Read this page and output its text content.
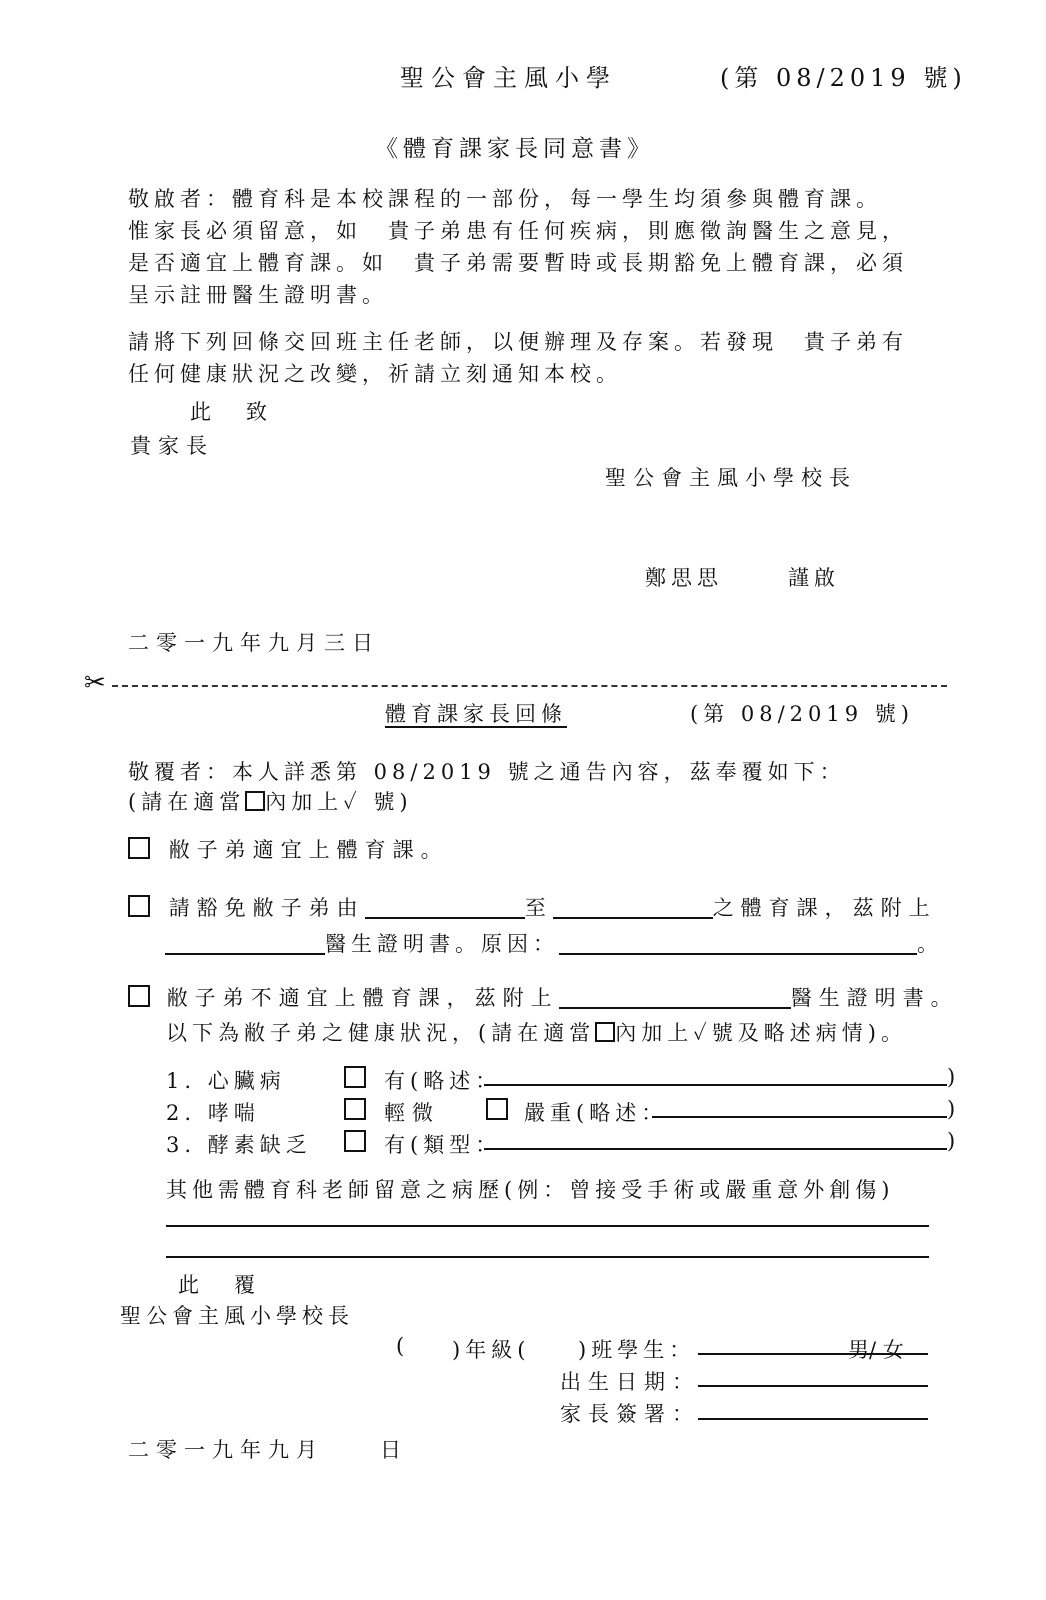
聖公會主風小學	(第 08/2019 號)
《體育課家長同意書》
敬啟者：體育科是本校課程的一部份，每一學生均須參與體育課。
惟家長必須留意，如　貴子弟患有任何疾病，則應徵詢醫生之意見，
是否適宜上體育課。如　貴子弟需要暫時或長期豁免上體育課，必須
呈示註冊醫生證明書。
請將下列回條交回班主任老師，以便辦理及存案。若發現　貴子弟有
任何健康狀況之改變，祈請立刻通知本校。
此　致
貴家長
聖公會主風小學校長
鄭思思	謹啟
二零一九年九月三日
✂
體育課家長回條	(第 08/2019 號)
敬覆者：本人詳悉第 08/2019 號之通告內容，茲奉覆如下：
(請在適當 內加上✓ 號)
敝子弟適宜上體育課。
請豁免敝子弟由	至	之體育課，茲附上
醫生證明書。原因：	。
敝子弟不適宜上體育課，茲附上	醫生證明書。
以下為敝子弟之健康狀況，(請在適當 內加上✓號及略述病情)。
1. 心臟病	有(略述：	)
2. 哮喘	輕微	嚴重(略述：	)
3. 酵素缺乏	有(類型：	)
其他需體育科老師留意之病歷(例：曾接受手術或嚴重意外創傷)
此　覆
聖公會主風小學校長
( )年級( )班學生：	男/ 女
出生日期：
家長簽署：
二零一九年九月　　日
